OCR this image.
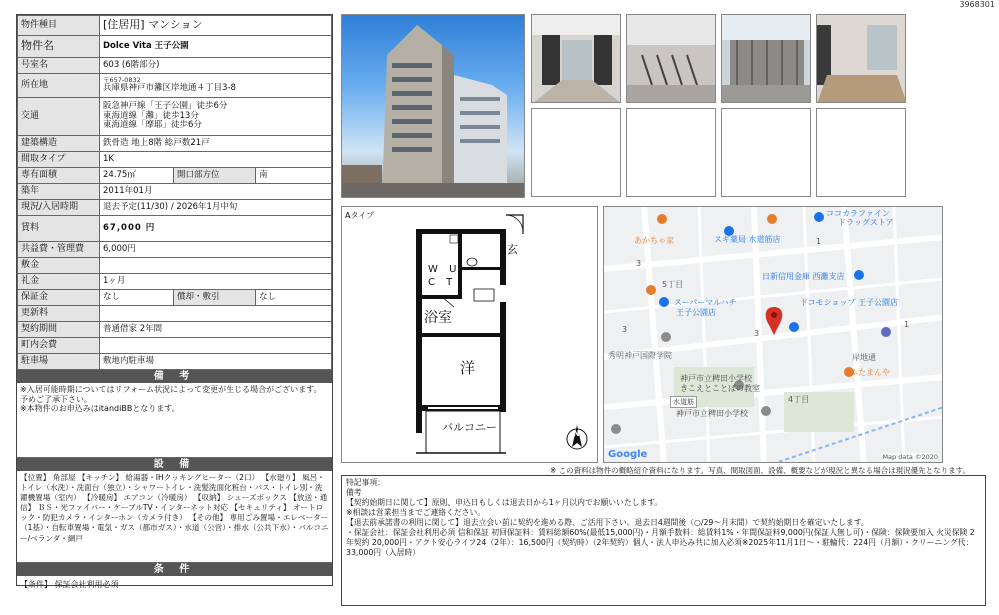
3968301
物件種目	[住居用] マンション		
物件名	Dolce Vita 王子公園		
号室名	603 (6階部分)		
所在地	〒657-0832
兵庫県神戸市灘区岸地通４丁目3-8		

交通	阪急神戸線「王子公園」徒歩6分
東海道線「灘」徒歩13分
東海道線「摩耶」徒歩6分		

建築構造	鉄骨造 地上8階 総戸数21戸		
間取タイプ	1K		
専有面積	24.75㎡	開口部方位	南
築年	2011年01月		
現況/入居時期	退去予定(11/30) / 2026年1月中旬		
賃料	67,000 円		
共益費・管理費	6,000円		
敷金			
礼金	1ヶ月		
保証金	なし	償却・敷引	なし
更新料			
契約期間	普通借家 2年間		
町内会費			
駐車場	敷地内駐車場		
備 考
※入居可能時期についてはリフォーム状況によって変更が生じる場合がございます。予めご了承下さい。
※本物件のお申込みはitandiBBとなります。
設 備
【位置】 角部屋 【キッチン】 給湯器・IHクッキングヒーター（2口） 【水廻り】 風呂・トイレ（水洗）・洗面台（独立）・シャワートイレ・洗髪洗面化粧台・バス・トイレ別・洗濯機置場（室内） 【冷暖房】 エアコン（冷暖房） 【収納】 シューズボックス 【放送・通信】 ＢＳ・光ファイバー・ケーブルTV・インターネット対応 【セキュリティ】 オートロック・防犯カメラ・インターホン（カメラ付き） 【その他】 専用ごみ置場・エレベーター（1基）・自転車置場・電気・ガス（都市ガス）・水道（公営）・排水（公共下水）・バルコニー/ベランダ・網戸
条 件
【条件】 保証会社利用必須
Aタイプ
W U
C T
玄
浴室
洋
バルコニー	N
ココカラファイン
ドラッグストア
あかちゃ家	スギ薬局 水道筋店
日新信用金庫 西灘支店
5丁目
スーパーマルハチ
王子公園店
ドコモショップ 王子公園店
秀明神戸国際学院	岸地通
ふたまんや
神戸市立稗田小学校
きこえとことばの教室
水道筋
神戸市立稗田小学校
4丁目
1
3
3
3
1
Google	Map data ©2020
※ この資料は物件の概略紹介資料になります。写真、間取図面、設備、概要などが現況と異なる場合は現況優先となります。
特記事項：
備考
【契約始期日に関して】原則、申込日もしくは退去日から1ヶ月以内でお願いいたします。
※相談は営業担当までご連絡ください。
【退去前承諾書の利用に関して】退去立会い前に契約を進める際、ご活用下さい。退去日4週間後（○/29～月末間）で契約始期日を確定いたします。
・保証会社：保証会社利用必須 信和保証 初回保証料：賃料総額60%(最低15,000円)・月額手数料：総賃料1%・年間保証料9,000円(保証人無し可)・保険：保険要加入 火災保険 2年契約 20,000円・アクト安心ライフ24（2年）：16,500円（契約時）（2年契約）個人・法人申込み共に加入必須※2025年11月1日～・駐輪代：224円（月額）・クリーニング代：33,000円（入居時）
